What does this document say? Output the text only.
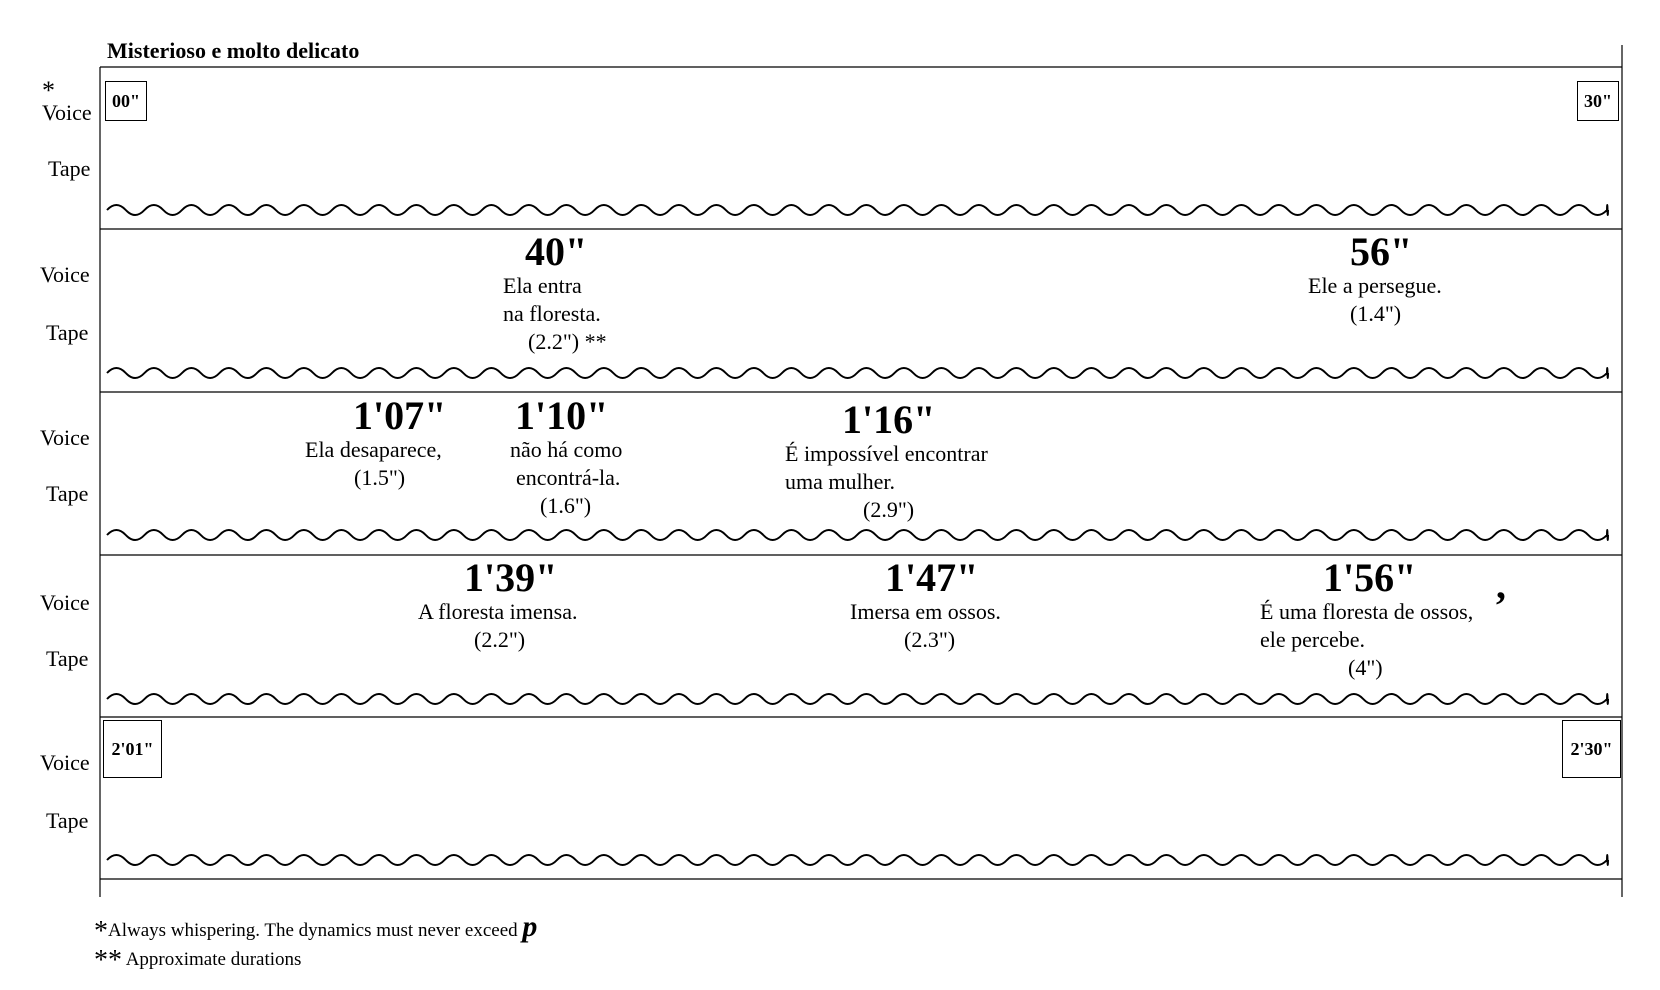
Misterioso e molto delicato
*
Voice
Tape
Voice
Tape
Voice
Tape
Voice
Tape
Voice
Tape
00"	30"
2'01"	2'30"
40"
Ela entra
na floresta.
(2.2") **
56"
Ele a persegue.
(1.4")
1'07"
Ela desaparece,
(1.5")
1'10"
não há como
encontrá-la.
(1.6")
1'16"
É impossível encontrar
uma mulher.
(2.9")
1'39"
A floresta imensa.
(2.2")
1'47"
Imersa em ossos.
(2.3")
1'56"
É uma floresta de ossos,
ele percebe.
(4")
’
*Always whispering. The dynamics must never exceed p
** Approximate durations
